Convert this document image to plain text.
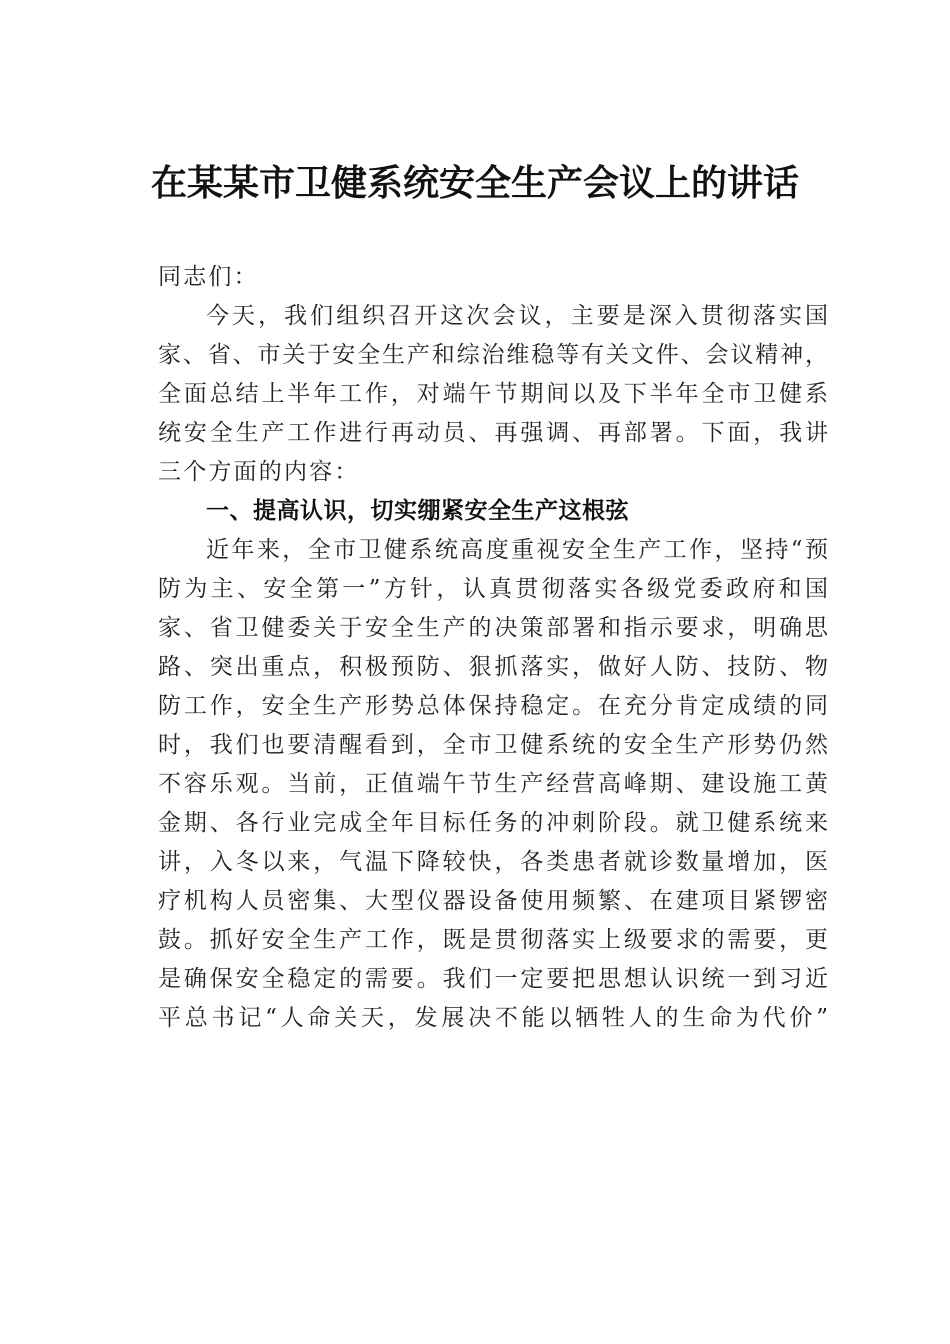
在某某市卫健系统安全生产会议上的讲话
同志们：
今天，我们组织召开这次会议，主要是深入贯彻落实国
家、省、市关于安全生产和综治维稳等有关文件、会议精神，
全面总结上半年工作，对端午节期间以及下半年全市卫健系
统安全生产工作进行再动员、再强调、再部署。下面，我讲
三个方面的内容：
一、提高认识，切实绷紧安全生产这根弦
近年来，全市卫健系统高度重视安全生产工作，坚持“预
防为主、安全第一”方针，认真贯彻落实各级党委政府和国
家、省卫健委关于安全生产的决策部署和指示要求，明确思
路、突出重点，积极预防、狠抓落实，做好人防、技防、物
防工作，安全生产形势总体保持稳定。在充分肯定成绩的同
时，我们也要清醒看到，全市卫健系统的安全生产形势仍然
不容乐观。当前，正值端午节生产经营高峰期、建设施工黄
金期、各行业完成全年目标任务的冲刺阶段。就卫健系统来
讲，入冬以来，气温下降较快，各类患者就诊数量增加，医
疗机构人员密集、大型仪器设备使用频繁、在建项目紧锣密
鼓。抓好安全生产工作，既是贯彻落实上级要求的需要，更
是确保安全稳定的需要。我们一定要把思想认识统一到习近
平总书记“人命关天，发展决不能以牺牲人的生命为代价”
